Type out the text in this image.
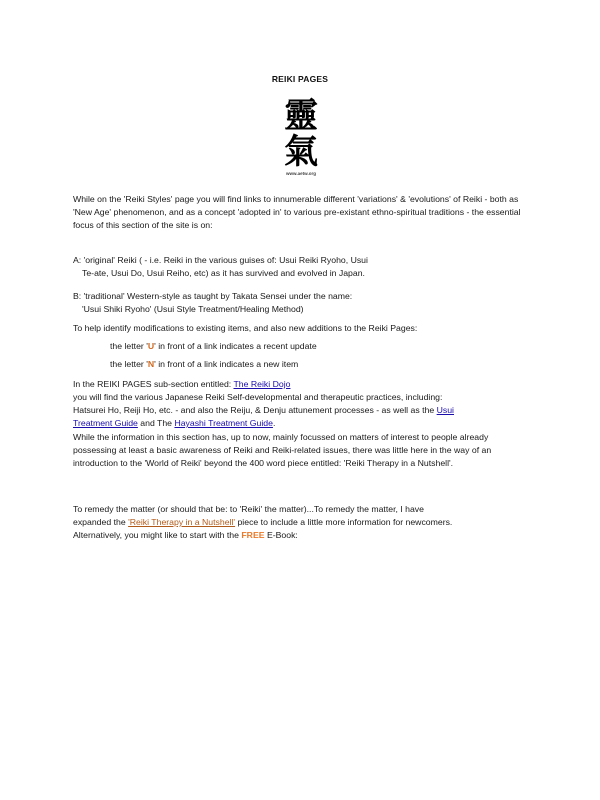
REIKI PAGES
靈
氣
www.aetw.org

While on the 'Reiki Styles' page you will find links to innumerable different 'variations' & 'evolutions' of Reiki - both as 'New Age' phenomenon, and as a concept 'adopted in' to various pre-existant ethno-spiritual traditions - the essential focus of this section of the site is on:

A: 'original' Reiki ( - i.e. Reiki in the various guises of: Usui Reiki Ryoho, Usui

Te-ate, Usui Do, Usui Reiho, etc) as it has survived and evolved in Japan.

B: 'traditional' Western-style as taught by Takata Sensei under the name:

'Usui Shiki Ryoho' (Usui Style Treatment/Healing Method)

To help identify modifications to existing items, and also new additions to the Reiki Pages:

the letter 'U' in front of a link indicates a recent update

the letter 'N' in front of a link indicates a new item

In the REIKI PAGES sub-section entitled: The Reiki Dojo

you will find the various Japanese Reiki Self-developmental and therapeutic practices, including:

Hatsurei Ho, Reiji Ho, etc. - and also the Reiju, & Denju attunement processes - as well as the Usui

Treatment Guide and The Hayashi Treatment Guide.

While the information in this section has, up to now, mainly focussed on matters of interest to people already possessing at least a basic awareness of Reiki and Reiki-related issues, there was little here in the way of an introduction to the 'World of Reiki' beyond the 400 word piece entitled: 'Reiki Therapy in a Nutshell'.

To remedy the matter (or should that be: to 'Reiki' the matter)...To remedy the matter, I have

expanded the 'Reiki Therapy in a Nutshell' piece to include a little more information for newcomers.

Alternatively, you might like to start with the FREE E-Book:
